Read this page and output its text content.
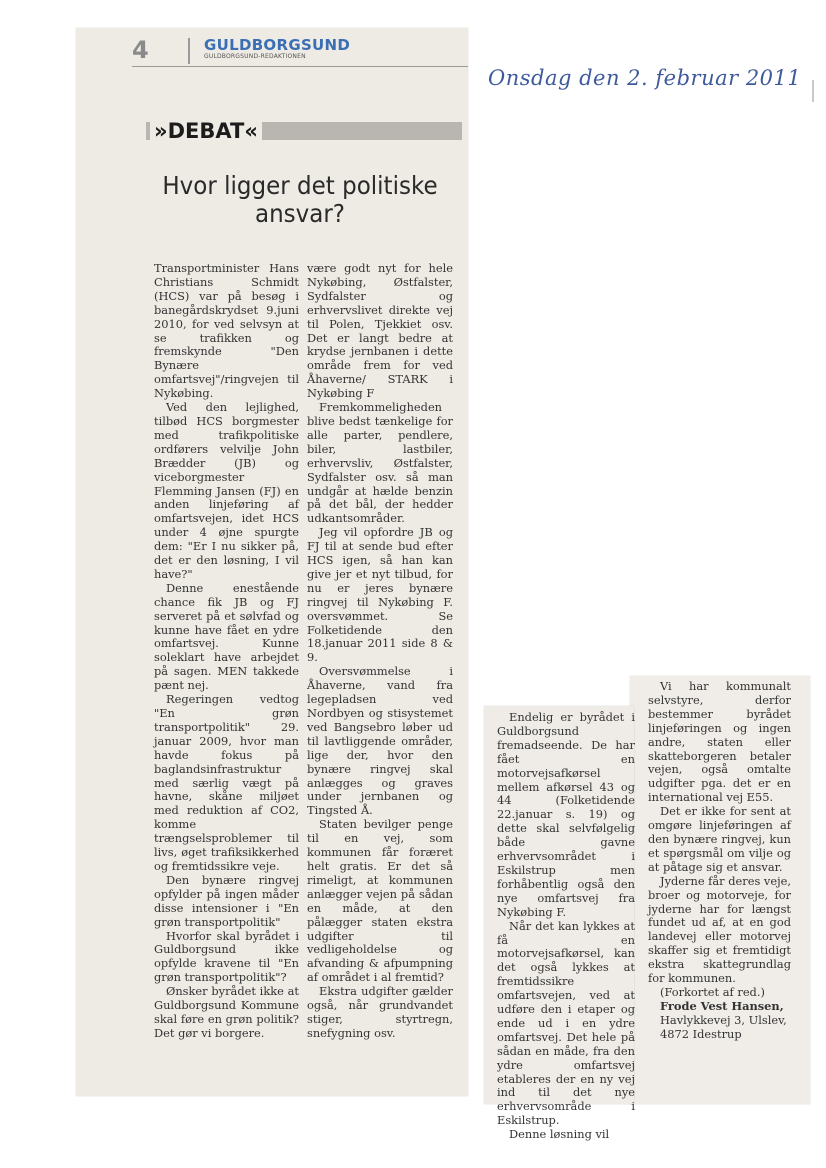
4	GULDBORGSUND
GULDBORGSUND-REDAKTIONEN
Onsdag den 2. februar 2011
»DEBAT«
Hvor ligger det politiske ansvar?

Transportminister Hans Christians Schmidt (HCS) var på besøg i banegårdskrydset 9.juni 2010, for ved selvsyn at se trafikken og fremskynde "Den Bynære omfartsvej"/ringvejen til Nykøbing.

Ved den lejlighed, tilbød HCS borgmester med trafikpolitiske ordførers velvilje John Brædder (JB) og viceborgmester Flemming Jansen (FJ) en anden linjeføring af omfartsvejen, idet HCS under 4 øjne spurgte dem: "Er I nu sikker på, det er den løsning, I vil have?"

Denne enestående chance fik JB og FJ serveret på et sølvfad og kunne have fået en ydre omfartsvej. Kunne soleklart have arbejdet på sagen. MEN takkede pænt nej.

Regeringen vedtog "En grøn transportpolitik" 29. januar 2009, hvor man havde fokus på baglandsinfrastruktur med særlig vægt på havne, skåne miljøet med reduktion af CO2, komme trængselsproblemer til livs, øget trafiksikkerhed og fremtidssikre veje.

Den bynære ringvej opfylder på ingen måder disse intensioner i "En grøn transportpolitik"

Hvorfor skal byrådet i Guldborgsund ikke opfylde kravene til "En grøn transportpolitik"?

Ønsker byrådet ikke at Guldborgsund Kommune skal føre en grøn politik? Det gør vi borgere.

være godt nyt for hele Nykøbing, Østfalster, Sydfalster og erhvervslivet direkte vej til Polen, Tjekkiet osv. Det er langt bedre at krydse jernbanen i dette område frem for ved Åhaverne/ STARK i Nykøbing F

Fremkommeligheden blive bedst tænkelige for alle parter, pendlere, biler, lastbiler, erhvervsliv, Østfalster, Sydfalster osv. så man undgår at hælde benzin på det bål, der hedder udkantsområder.

Jeg vil opfordre JB og FJ til at sende bud efter HCS igen, så han kan give jer et nyt tilbud, for nu er jeres bynære ringvej til Nykøbing F. oversvømmet. Se Folketidende den 18.januar 2011 side 8 & 9.

Oversvømmelse i Åhaverne, vand fra legepladsen ved Nordbyen og stisystemet ved Bangsebro løber ud til lavtliggende områder, lige der, hvor den bynære ringvej skal anlægges og graves under jernbanen og Tingsted Å.

Staten bevilger penge til en vej, som kommunen får foræret helt gratis. Er det så rimeligt, at kommunen anlægger vejen på sådan en måde, at den pålægger staten ekstra udgifter til vedligeholdelse og afvanding & afpumpning af området i al fremtid?

Ekstra udgifter gælder også, når grundvandet stiger, styrtregn, snefygning osv.

Endelig er byrådet i Guldborgsund fremadseende. De har fået en motorvejsafkørsel mellem afkørsel 43 og 44 (Folketidende 22.januar s. 19) og dette skal selvfølgelig både gavne erhvervsområdet i Eskilstrup men forhåbentlig også den nye omfartsvej fra Nykøbing F.

Når det kan lykkes at få en motorvejsafkørsel, kan det også lykkes at fremtidssikre omfartsvejen, ved at udføre den i etaper og ende ud i en ydre omfartsvej. Det hele på sådan en måde, fra den ydre omfartsvej etableres der en ny vej ind til det nye erhvervsområde i Eskilstrup.

Denne løsning vil

Vi har kommunalt selvstyre, derfor bestemmer byrådet linjeføringen og ingen andre, staten eller skatteborgeren betaler vejen, også omtalte udgifter pga. det er en international vej E55.

Det er ikke for sent at omgøre linjeføringen af den bynære ringvej, kun et spørgsmål om vilje og at påtage sig et ansvar.

Jyderne får deres veje, broer og motorveje, for jyderne har for længst fundet ud af, at en god landevej eller motorvej skaffer sig et fremtidigt ekstra skattegrundlag for kommunen.

(Forkortet af red.)

Frode Vest Hansen,

Havlykkevej 3, Ulslev,

4872 Idestrup
